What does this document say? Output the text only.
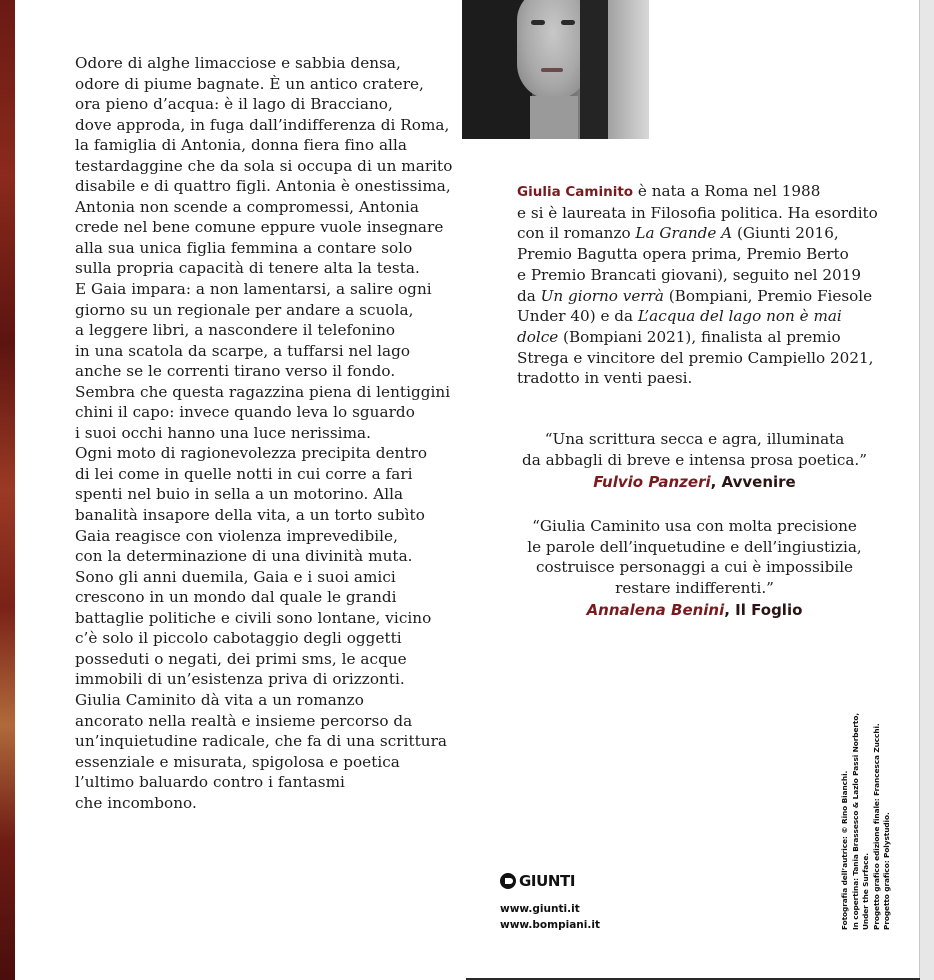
Odore di alghe limacciose e sabbia densa,

odore di piume bagnate. È un antico cratere,

ora pieno d’acqua: è il lago di Bracciano,

dove approda, in fuga dall’indifferenza di Roma,

la famiglia di Antonia, donna fiera fino alla

testardaggine che da sola si occupa di un marito

disabile e di quattro figli. Antonia è onestissima,

Antonia non scende a compromessi, Antonia

crede nel bene comune eppure vuole insegnare

alla sua unica figlia femmina a contare solo

sulla propria capacità di tenere alta la testa.

E Gaia impara: a non lamentarsi, a salire ogni

giorno su un regionale per andare a scuola,

a leggere libri, a nascondere il telefonino

in una scatola da scarpe, a tuffarsi nel lago

anche se le correnti tirano verso il fondo.

Sembra che questa ragazzina piena di lentiggini

chini il capo: invece quando leva lo sguardo

i suoi occhi hanno una luce nerissima.

Ogni moto di ragionevolezza precipita dentro

di lei come in quelle notti in cui corre a fari

spenti nel buio in sella a un motorino. Alla

banalità insapore della vita, a un torto subìto

Gaia reagisce con violenza imprevedibile,

con la determinazione di una divinità muta.

Sono gli anni duemila, Gaia e i suoi amici

crescono in un mondo dal quale le grandi

battaglie politiche e civili sono lontane, vicino

c’è solo il piccolo cabotaggio degli oggetti

posseduti o negati, dei primi sms, le acque

immobili di un’esistenza priva di orizzonti.

Giulia Caminito dà vita a un romanzo

ancorato nella realtà e insieme percorso da

un’inquietudine radicale, che fa di una scrittura

essenziale e misurata, spigolosa e poetica

l’ultimo baluardo contro i fantasmi

che incombono.

Giulia Caminito è nata a Roma nel 1988

e si è laureata in Filosofia politica. Ha esordito

con il romanzo La Grande A (Giunti 2016,

Premio Bagutta opera prima, Premio Berto

e Premio Brancati giovani), seguito nel 2019

da Un giorno verrà (Bompiani, Premio Fiesole

Under 40) e da L’acqua del lago non è mai

dolce (Bompiani 2021), finalista al premio

Strega e vincitore del premio Campiello 2021,

tradotto in venti paesi.

“Una scrittura secca e agra, illuminata

da abbagli di breve e intensa prosa poetica.”

Fulvio Panzeri, Avvenire

“Giulia Caminito usa con molta precisione

le parole dell’inquetudine e dell’ingiustizia,

costruisce personaggi a cui è impossibile

restare indifferenti.”

Annalena Benini, Il Foglio

GIUNTI

www.giunti.it

www.bompiani.it	Fotografia dell’autrice: © Rino Bianchi. In copertina: Tania Brassesco & Lazlo Passi Norberto, Under the Surface. Progetto grafico edizione finale: Francesca Zucchi. Progetto grafico: Polystudio.
